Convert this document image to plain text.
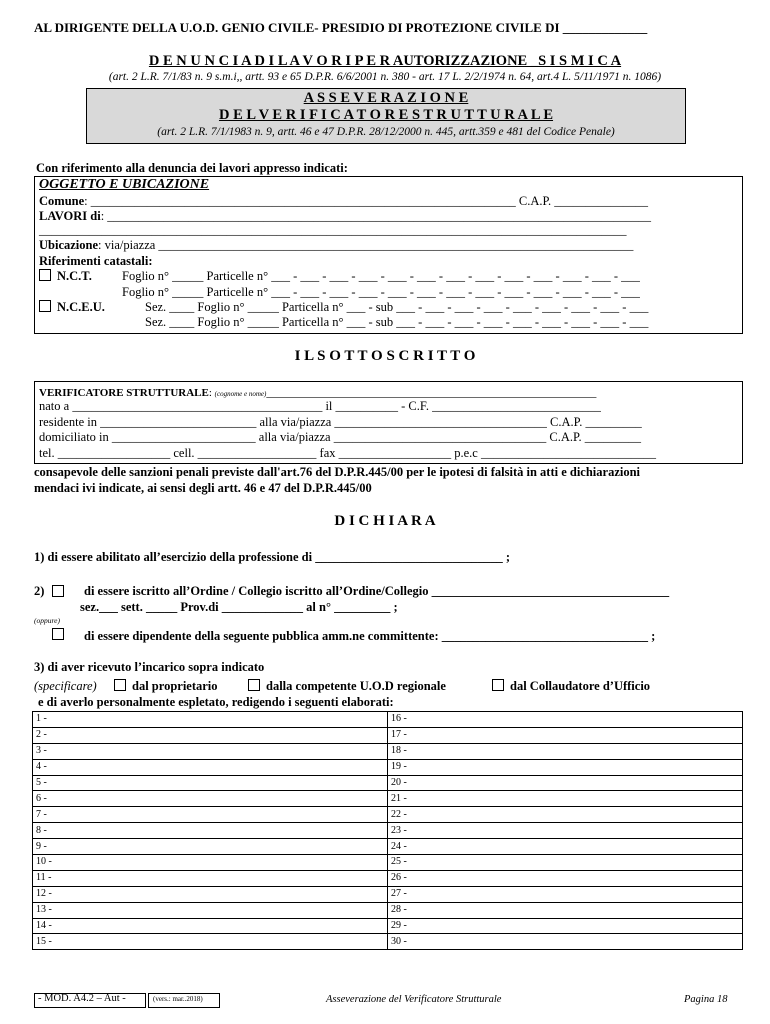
AL DIRIGENTE DELLA U.O.D. GENIO CIVILE- PRESIDIO DI PROTEZIONE CIVILE DI _____________
D E N U N C I A D I L A V O R I P E R AUTORIZZAZIONE _S I S M I C A
(art. 2 L.R. 7/1/83 n. 9 s.m.i,, artt. 93 e 65 D.P.R. 6/6/2001 n. 380 - art. 17 L. 2/2/1974 n. 64, art.4 L. 5/11/1971 n. 1086)
A S S E V E R A Z I O N E
D E L V E R I F I C A T O R E S T R U T T U R A L E
(art. 2 L.R. 7/1/1983 n. 9, artt. 46 e 47 D.P.R. 28/12/2000 n. 445, artt.359 e 481 del Codice Penale)
Con riferimento alla denuncia dei lavori appresso indicati:
OGGETTO E UBICAZIONE
Comune: ____________________________________________________________________ C.A.P. _______________
LAVORI di: _______________________________________________________________________________________
______________________________________________________________________________________________
Ubicazione: via/piazza ____________________________________________________________________________
Riferimenti catastali:
N.C.T. Foglio n° _____ Particelle n° ___ - ___ - ___ - ___ - ___ - ___ - ___ - ___ - ___ - ___ - ___ - ___ - ___
Foglio n° _____ Particelle n° ___ - ___ - ___ - ___ - ___ - ___ - ___ - ___ - ___ - ___ - ___ - ___ - ___
N.C.E.U.	Sez. ____ Foglio n° _____ Particella n° ___ - sub ___ - ___ - ___ - ___ - ___ - ___ - ___ - ___ - ___
Sez. ____ Foglio n° _____ Particella n° ___ - sub ___ - ___ - ___ - ___ - ___ - ___ - ___ - ___ - ___
I L S O T T O S C R I T T O
VERIFICATORE STRUTTURALE: (cognome e nome)_______________________________________________________
nato a ________________________________________ il __________ - C.F. ___________________________
residente in _________________________ alla via/piazza __________________________________ C.A.P. _________
domiciliato in _______________________ alla via/piazza __________________________________ C.A.P. _________
tel. __________________ cell. ___________________ fax __________________ p.e.c ____________________________
consapevole delle sanzioni penali previste dall'art.76 del D.P.R.445/00 per le ipotesi di falsità in atti e dichiarazioni
mendaci ivi indicate, ai sensi degli artt. 46 e 47 del D.P.R.445/00
D I C H I A R A
1) di essere abilitato all’esercizio della professione di ______________________________ ;
2)	di essere iscritto all’Ordine / Collegio iscritto all’Ordine/Collegio ______________________________________
sez.___ sett. _____ Prov.di _____________ al n° _________ ;
(oppure)
di essere dipendente della seguente pubblica amm.ne committente: _________________________________ ;
3) di aver ricevuto l’incarico sopra indicato
(specificare)	dal proprietario	dalla competente U.O.D regionale	dal Collaudatore d’Ufficio
e di averlo personalmente espletato, redigendo i seguenti elaborati:
1 -	16 -
2 -	17 -
3 -	18 -
4 -	19 -
5 -	20 -
6 -	21 -
7 -	22 -
8 -	23 -
9 -	24 -
10 -	25 -
11 -	26 -
12 -	27 -
13 -	28 -
14 -	29 -
15 -	30 -
- MOD. A4.2 – Aut -	(vers.: mar..2018)	Asseverazione del Verificatore Strutturale	Pagina 18
